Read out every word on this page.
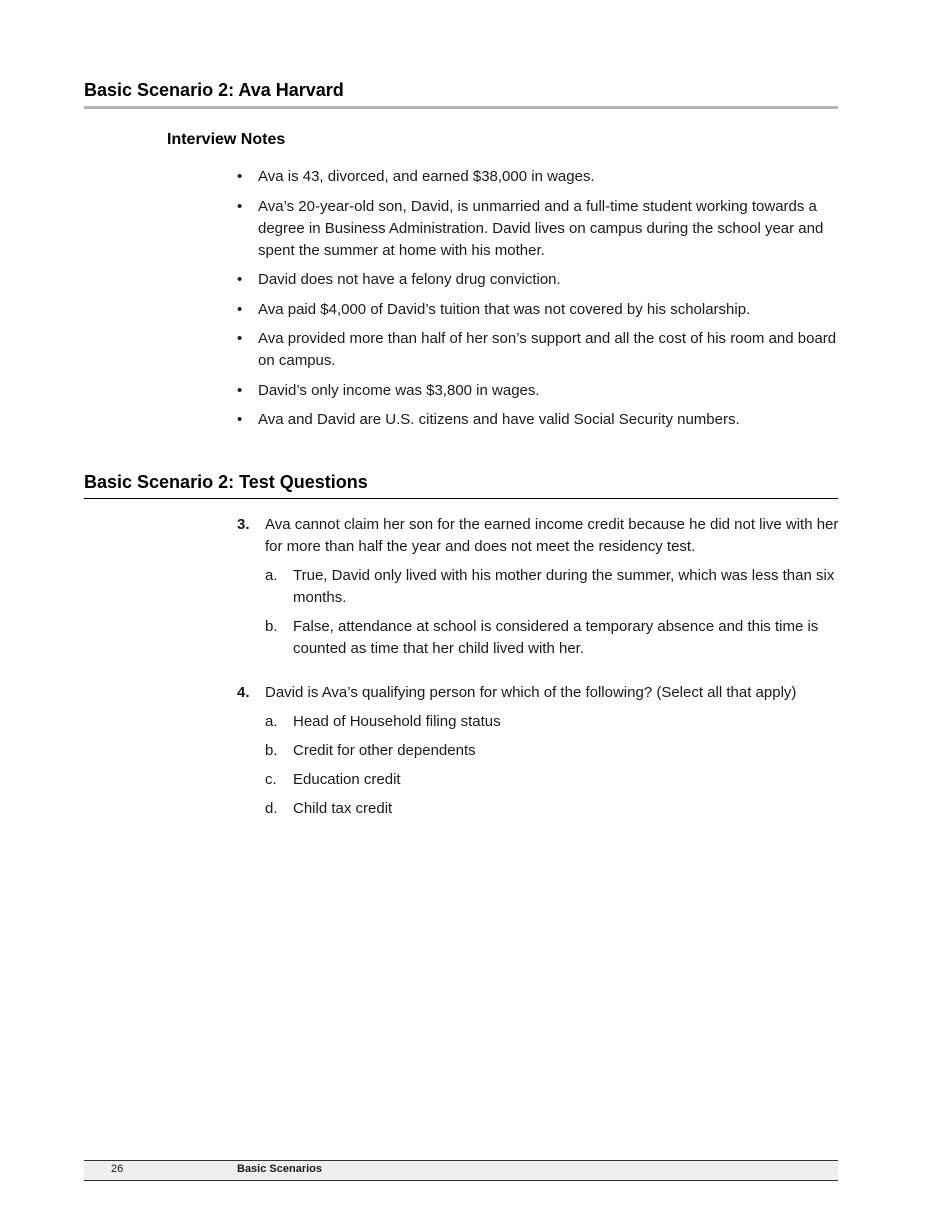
Basic Scenario 2: Ava Harvard
Interview Notes
• Ava is 43, divorced, and earned $38,000 in wages.
• Ava’s 20-year-old son, David, is unmarried and a full-time student working towards a degree in Business Administration. David lives on campus during the school year and spent the summer at home with his mother.
• David does not have a felony drug conviction.
• Ava paid $4,000 of David’s tuition that was not covered by his scholarship.
• Ava provided more than half of her son’s support and all the cost of his room and board on campus.
• David’s only income was $3,800 in wages.
• Ava and David are U.S. citizens and have valid Social Security numbers.
Basic Scenario 2: Test Questions
3. Ava cannot claim her son for the earned income credit because he did not live with her for more than half the year and does not meet the residency test.
a. True, David only lived with his mother during the summer, which was less than six months.
b. False, attendance at school is considered a temporary absence and this time is counted as time that her child lived with her.
4. David is Ava’s qualifying person for which of the following? (Select all that apply)
a. Head of Household filing status
b. Credit for other dependents
c. Education credit
d. Child tax credit
26	Basic Scenarios
